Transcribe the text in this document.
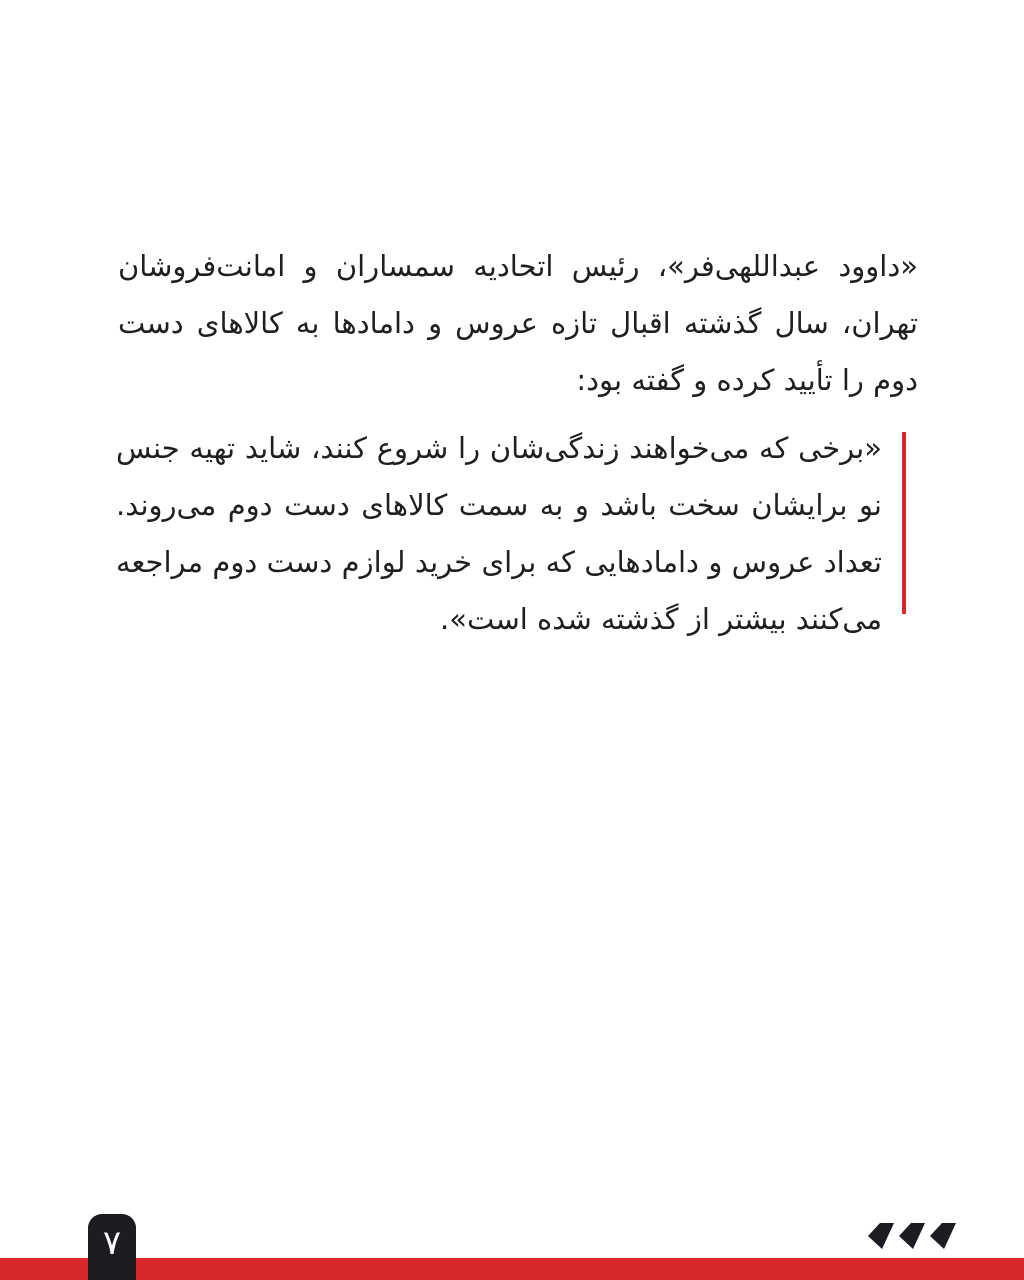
«داوود عبداللهی‌فر»، رئیس اتحادیه سمساران و امانت‌فروشان تهران، سال گذشته اقبال تازه عروس و دامادها به کالاهای دست دوم را تأیید کرده و گفته بود:

«برخی که می‌خواهند زندگی‌شان را شروع کنند، شاید تهیه جنس نو برایشان سخت باشد و به سمت کالاهای دست دوم می‌روند. تعداد عروس و دامادهایی که برای خرید لوازم دست دوم مراجعه می‌کنند بیشتر از گذشته شده است».

۷
